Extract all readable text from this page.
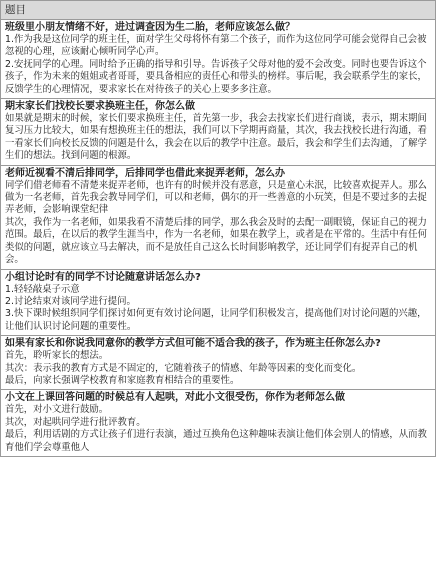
题目

班级里小朋友情绪不好，进过调查因为生二胎，老师应该怎么做？

1.作为我是这位同学的班主任，面对学生父母将怀有第二个孩子，而作为这位同学可能会觉得自己会被忽视的心理，应该耐心倾听同学心声。
2.安抚同学的心理。同时给予正确的指导和引导。告诉孩子父母对他的爱不会改变。同时也要告诉这个孩子，作为未来的姐姐或者哥哥，要具备相应的责任心和带头的榜样。事后呢，我会联系学生的家长，反馈学生的心理情况，要求家长在对待孩子的关心上要多多注意。

期末家长们找校长要求换班主任，你怎么做

如果就是期末的时候，家长们要求换班主任，首先第一步，我会去找家长们进行商谈，表示，期末期间复习压力比较大，如果有想换班主任的想法，我们可以下学期再商量，其次，我去找校长进行沟通，看一看家长们向校长反馈的问题是什么，我会在以后的教学中注意。最后，我会和学生们去沟通，了解学生们的想法。找到问题的根源。

老师近视看不清后排同学，后排同学也借此来捉弄老师，怎么办

同学们借老师看不清楚来捉弄老师，也许有的时候并没有恶意，只是童心未泯，比较喜欢捉弄人。那么做为一名老师，首先我会教导同学们，可以和老师，偶尔的开一些善意的小玩笑，但是不要过多的去捉弄老师，会影响课堂纪律
其次，我作为一名老师，如果我看不清楚后排的同学，那么我会及时的去配一副眼镜，保证自己的视力范围。最后，在以后的教学生涯当中，作为一名老师，如果在教学上，或者是在平常的。生活中有任何类似的问题，就应该立马去解决，而不是放任自己这么长时间影响教学，还让同学们有捉弄自己的机会。

小组讨论时有的同学不讨论随意讲话怎么办?

1.轻轻敲桌子示意
2.讨论结束对该同学进行提问。
3.快下课时候组织同学们探讨如何更有效讨论问题，让同学们积极发言，提高他们对讨论问题的兴趣，让他们认识讨论问题的重要性。

如果有家长和你说我同意你的教学方式但可能不适合我的孩子，作为班主任你怎么办?

首先，聆听家长的想法。
其次：表示我的教育方式是不固定的，它随着孩子的情感、年龄等因素的变化而变化。
最后，向家长强调学校教育和家庭教育相结合的重要性。

小文在上课回答问题的时候总有人起哄，对此小文很受伤，你作为老师怎么做

首先，对小文进行鼓励。
其次，对起哄同学进行批评教育。
最后，利用话剧的方式让孩子们进行表演，通过互换角色这种趣味表演让他们体会别人的情感，从而教育他们学会尊重他人
